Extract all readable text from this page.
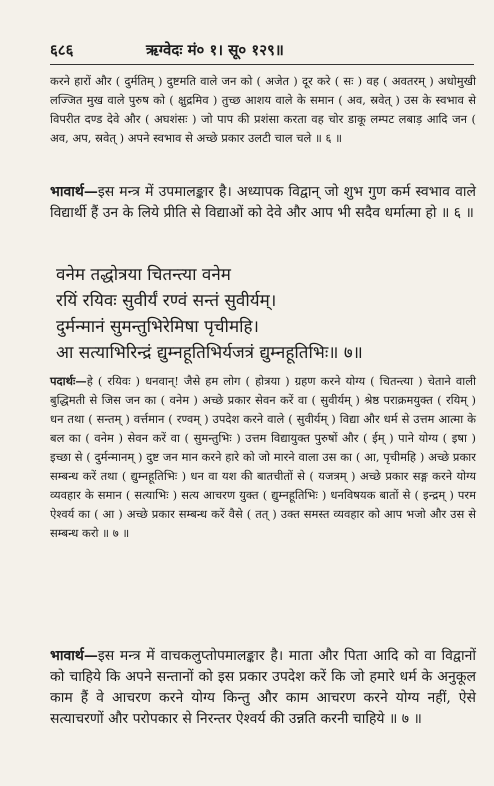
६८६	ऋग्वेदः मं० १। सू० १२९॥

करने हारों और ( दुर्मतिम् ) दुष्टमति वाले जन को ( अजेत ) दूर करे ( सः ) वह ( अवतरम् ) अधोमुखी लज्जित मुख वाले पुरुष को ( क्षुद्रमिव ) तुच्छ आशय वाले के समान ( अव, स्रवेत् ) उस के स्वभाव से विपरीत दण्ड देवे और ( अघशंसः ) जो पाप की प्रशंसा करता वह चोर डाकू लम्पट लबाड़ आदि जन ( अव, अप, स्रवेत् ) अपने स्वभाव से अच्छे प्रकार उलटी चाल चले ॥ ६ ॥

भावार्थ—इस मन्त्र में उपमालङ्कार है। अध्यापक विद्वान् जो शुभ गुण कर्म स्वभाव वाले विद्यार्थी हैं उन के लिये प्रीति से विद्याओं को देवे और आप भी सदैव धर्मात्मा हो ॥ ६ ॥

वनेम तद्धोत्रया चितन्त्या वनेम
रयिं रयिवः सुवीर्यं रण्वं सन्तं सुवीर्यम्।
दुर्मन्मानं सुमन्तुभिरेमिषा पृचीमहि।
आ सत्याभिरिन्द्रं द्युम्नहूतिभिर्यजत्रं द्युम्नहूतिभिः॥ ७॥

पदार्थः—हे ( रयिवः ) धनवान्! जैसे हम लोग ( होत्रया ) ग्रहण करने योग्य ( चितन्त्या ) चेताने वाली बुद्धिमती से जिस जन का ( वनेम ) अच्छे प्रकार सेवन करें वा ( सुवीर्यम् ) श्रेष्ठ पराक्रमयुक्त ( रयिम् ) धन तथा ( सन्तम् ) वर्त्तमान ( रण्वम् ) उपदेश करने वाले ( सुवीर्यम् ) विद्या और धर्म से उत्तम आत्मा के बल का ( वनेम ) सेवन करें वा ( सुमन्तुभिः ) उत्तम विद्यायुक्त पुरुषों और ( ईम् ) पाने योग्य ( इषा ) इच्छा से ( दुर्मन्मानम् ) दुष्ट जन मान करने हारे को जो मारने वाला उस का ( आ, पृचीमहि ) अच्छे प्रकार सम्बन्ध करें तथा ( द्युम्नहूतिभिः ) धन वा यश की बातचीतों से ( यजत्रम् ) अच्छे प्रकार सङ्ग करने योग्य व्यवहार के समान ( सत्याभिः ) सत्य आचरण युक्त ( द्युम्नहूतिभिः ) धनविषयक बातों से ( इन्द्रम् ) परम ऐश्वर्य का ( आ ) अच्छे प्रकार सम्बन्ध करें वैसे ( तत् ) उक्त समस्त व्यवहार को आप भजो और उस से सम्बन्ध करो ॥ ७ ॥

भावार्थ—इस मन्त्र में वाचकलुप्तोपमालङ्कार है। माता और पिता आदि को वा विद्वानों को चाहिये कि अपने सन्तानों को इस प्रकार उपदेश करें कि जो हमारे धर्म के अनुकूल काम हैं वे आचरण करने योग्य किन्तु और काम आचरण करने योग्य नहीं, ऐसे सत्याचरणों और परोपकार से निरन्तर ऐश्वर्य की उन्नति करनी चाहिये ॥ ७ ॥
